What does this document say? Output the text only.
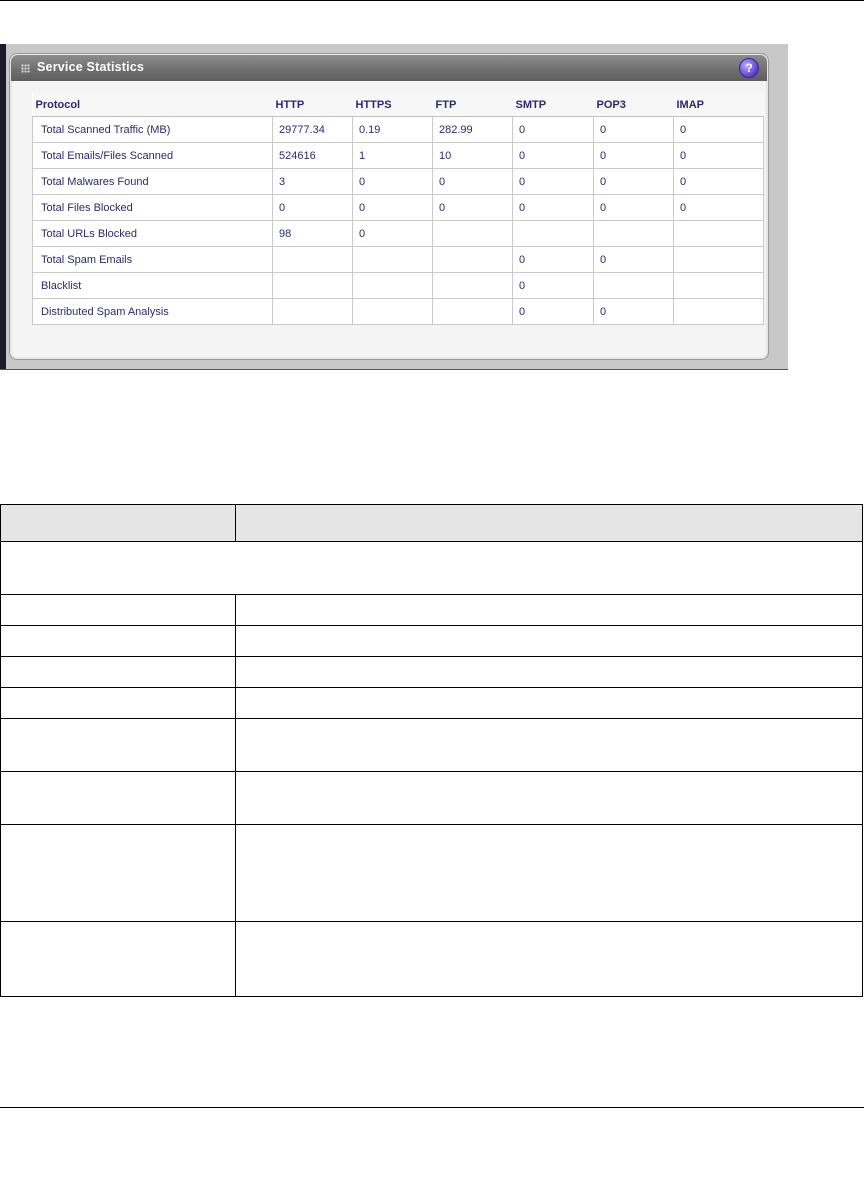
Service Statistics	?
Protocol	HTTP	HTTPS	FTP	SMTP	POP3	IMAP
Total Scanned Traffic (MB)	29777.34	0.19	282.99	0	0	0
Total Emails/Files Scanned	524616	1	10	0	0	0
Total Malwares Found	3	0	0	0	0	0
Total Files Blocked	0	0	0	0	0	0
Total URLs Blocked	98	0				
Total Spam Emails				0	0	
Blacklist				0		
Distributed Spam Analysis				0	0	
